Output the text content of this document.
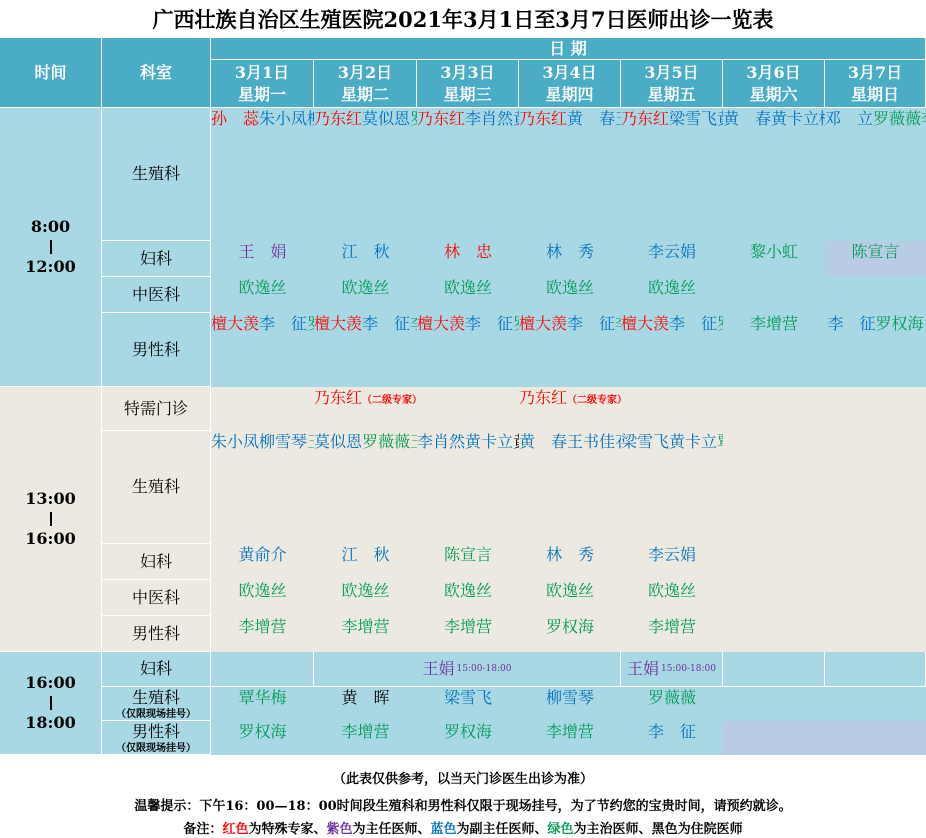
广西壮族自治区生殖医院2021年3月1日至3月7日医师出诊一览表
时间	科室
日 期
3月1日
星期一
3月2日
星期二
3月3日
星期三
3月4日
星期四
3月5日
星期五
3月6日
星期六
3月7日
星期日
8:00
12:00
生殖科
妇科
中医科
男性科
13:00
16:00
特需门诊
生殖科
妇科
中医科
男性科
16:00
18:00
妇科
生殖科
（仅限现场挂号）
男性科
（仅限现场挂号）
王娟 15:00-18:00	王娟 15:00-18:00
（此表仅供参考，以当天门诊医生出诊为准）
温馨提示：下午16：00—18：00时间段生殖科和男性科仅限于现场挂号，为了节约您的宝贵时间，请预约就诊。
备注： 红色 为特殊专家、 紫色 为主任医师、 蓝色 为副主任医师、 绿色 为主治医师、 黑色为住院医师
